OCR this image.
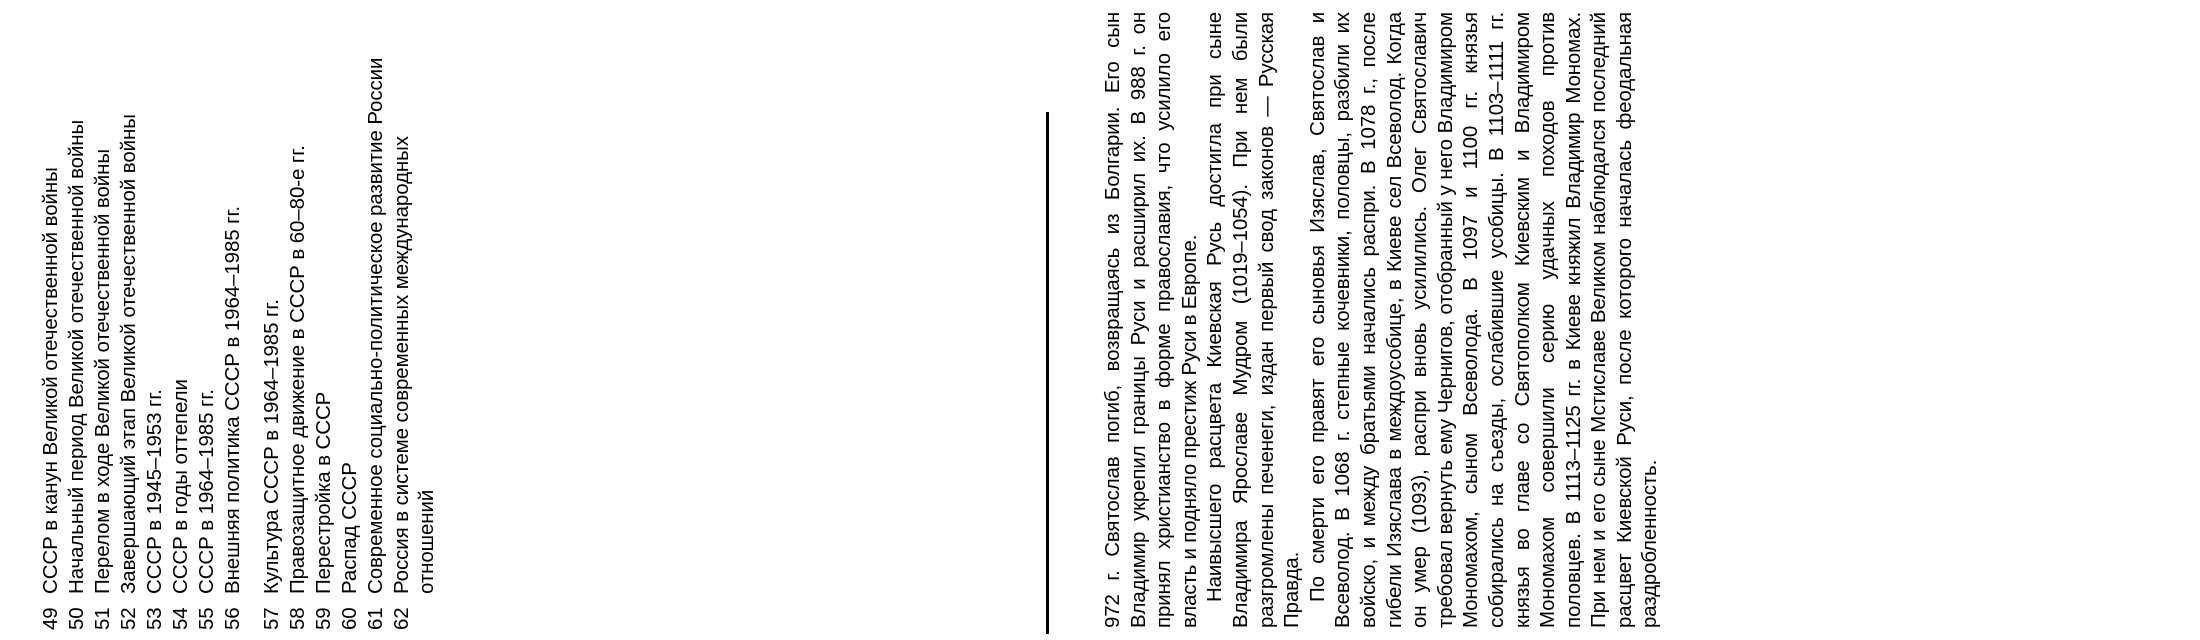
49
СССР в канун Великой отечественной войны
50
Начальный период Великой отечественной войны
51
Перелом в ходе Великой отечественной войны
52
Завершающий этап Великой отечественной войны
53
СССР в 1945–1953 гг.
54
СССР в годы оттепели
55
СССР в 1964–1985 гг.
56
Внешняя политика СССР в 1964–1985 гг.
57
Культура СССР в 1964–1985 гг.
58
Правозащитное движение в СССР в 60–80-е гг.
59
Перестройка в СССР
60
Распад СССР
61
Современное социально-политическое развитие России
62
Россия в системе современных международных отношений	972 г. Святослав погиб, возвращаясь из Болгарии. Его сын Владимир укрепил границы Руси и расширил их. В 988 г. он принял христианство в форме православия, что усилило его власть и подняло престиж Руси в Европе. Наивысшего расцвета Киевская Русь достигла при сыне Владимира Ярославе Мудром (1019–1054). При нем были разгромлены печенеги, издан первый свод законов — Русская Правда. По смерти его правят его сыновья Изяслав, Святослав и Всеволод. В 1068 г. степные кочевники, половцы, разбили их войско, и между братьями начались распри. В 1078 г., после гибели Изяслава в междоусобице, в Киеве сел Всеволод. Когда он умер (1093), распри вновь усилились. Олег Святославич требовал вернуть ему Чернигов, отобранный у него Владимиром Мономахом, сыном Всеволода. В 1097 и 1100 гг. князья собирались на съезды, ослабившие усобицы. В 1103–1111 гг. князья во главе со Святополком Киевским и Владимиром Мономахом совершили серию удачных походов против половцев. В 1113–1125 гг. в Киеве княжил Владимир Мономах. При нем и его сыне Мстиславе Великом наблюдался последний расцвет Киевской Руси, после которого началась феодальная раздробленность.
